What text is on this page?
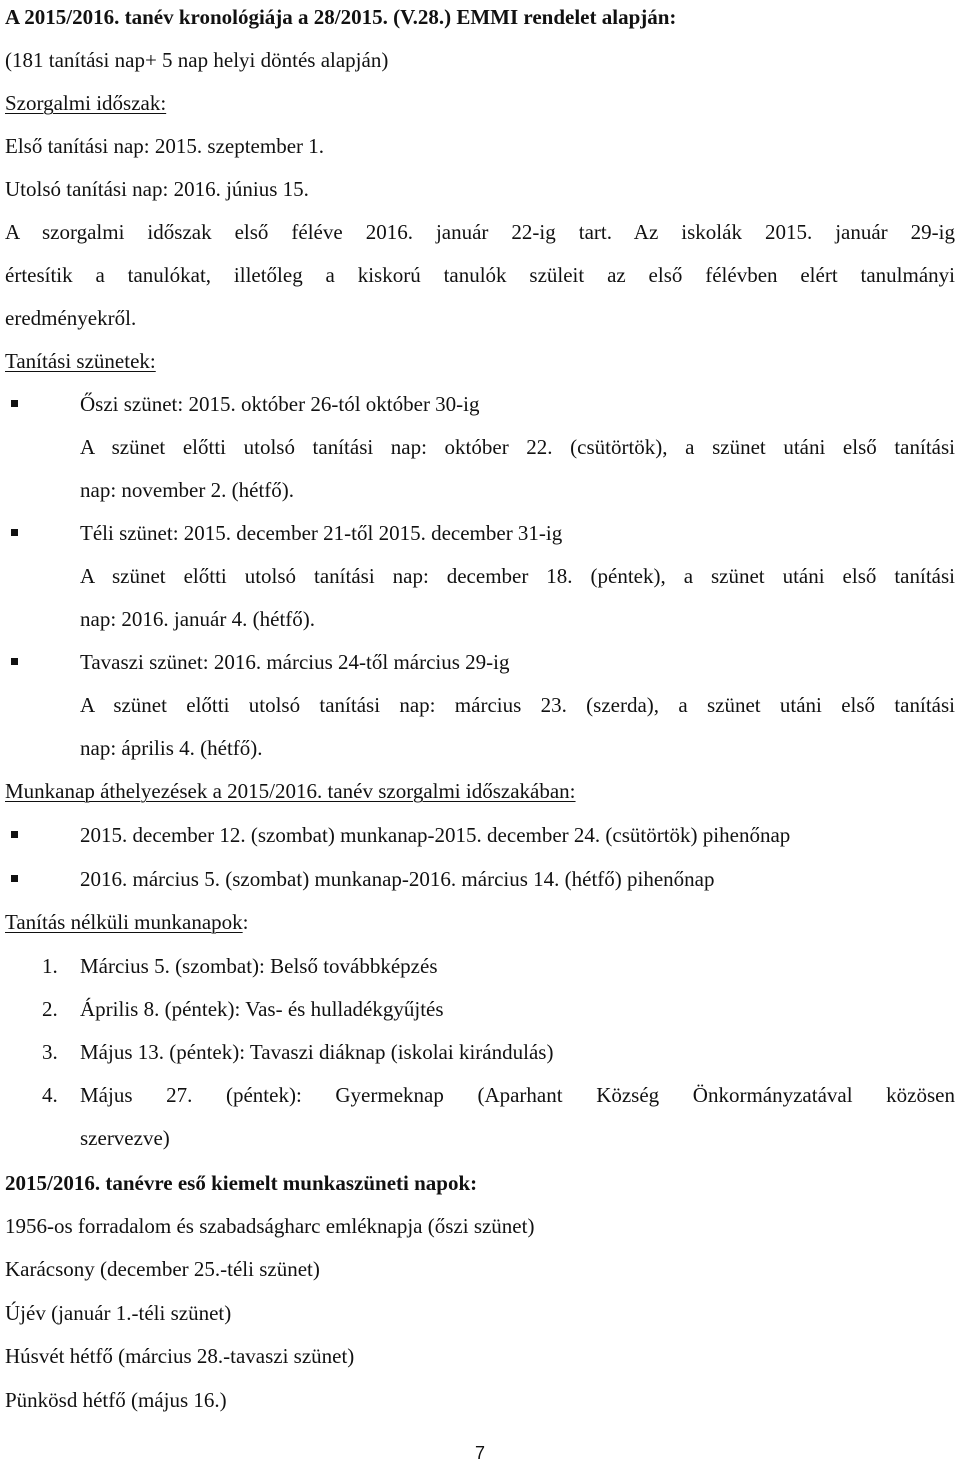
A 2015/2016. tanév kronológiája a 28/2015. (V.28.) EMMI rendelet alapján:
(181 tanítási nap+ 5 nap helyi döntés alapján)
Szorgalmi időszak:
Első tanítási nap: 2015. szeptember 1.
Utolsó tanítási nap: 2016. június 15.
A szorgalmi időszak első féléve 2016. január 22-ig tart. Az iskolák 2015. január 29-ig
értesítik a tanulókat, illetőleg a kiskorú tanulók szüleit az első félévben elért tanulmányi
eredményekről.
Tanítási szünetek:
Őszi szünet: 2015. október 26-tól október 30-ig
A szünet előtti utolsó tanítási nap: október 22. (csütörtök), a szünet utáni első tanítási
nap: november 2. (hétfő).
Téli szünet: 2015. december 21-től 2015. december 31-ig
A szünet előtti utolsó tanítási nap: december 18. (péntek), a szünet utáni első tanítási
nap: 2016. január 4. (hétfő).
Tavaszi szünet: 2016. március 24-től március 29-ig
A szünet előtti utolsó tanítási nap: március 23. (szerda), a szünet utáni első tanítási
nap: április 4. (hétfő).
Munkanap áthelyezések a 2015/2016. tanév szorgalmi időszakában:
2015. december 12. (szombat) munkanap-2015. december 24. (csütörtök) pihenőnap
2016. március 5. (szombat) munkanap-2016. március 14. (hétfő) pihenőnap
Tanítás nélküli munkanapok:
1. Március 5. (szombat): Belső továbbképzés
2. Április 8. (péntek): Vas- és hulladékgyűjtés
3. Május 13. (péntek): Tavaszi diáknap (iskolai kirándulás)
4. Május 27. (péntek): Gyermeknap (Aparhant Község Önkormányzatával közösen
szervezve)
2015/2016. tanévre eső kiemelt munkaszüneti napok:
1956-os forradalom és szabadságharc emléknapja (őszi szünet)
Karácsony (december 25.-téli szünet)
Újév (január 1.-téli szünet)
Húsvét hétfő (március 28.-tavaszi szünet)
Pünkösd hétfő (május 16.)
7
